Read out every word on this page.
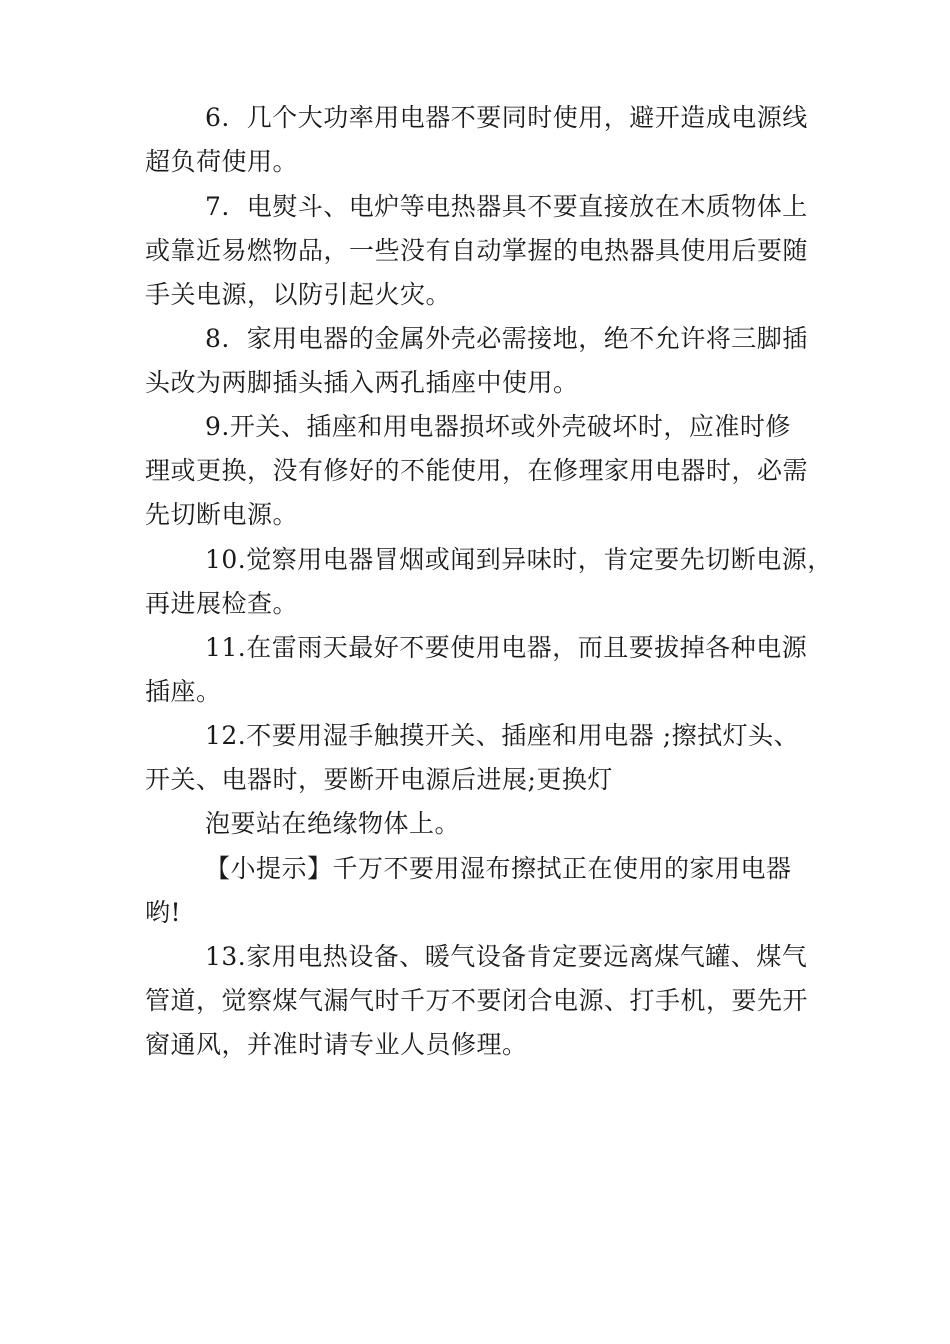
6. 几个大功率用电器不要同时使用，避开造成电源线
超负荷使用。
7. 电熨斗、电炉等电热器具不要直接放在木质物体上
或靠近易燃物品，一些没有自动掌握的电热器具使用后要随
手关电源，以防引起火灾。
8. 家用电器的金属外壳必需接地，绝不允许将三脚插
头改为两脚插头插入两孔插座中使用。
9.开关、插座和用电器损坏或外壳破坏时，应准时修
理或更换，没有修好的不能使用，在修理家用电器时，必需
先切断电源。
10.觉察用电器冒烟或闻到异味时，肯定要先切断电源，
再进展检查。
11.在雷雨天最好不要使用电器，而且要拔掉各种电源
插座。
12.不要用湿手触摸开关、插座和用电器 ;擦拭灯头、
开关、电器时，要断开电源后进展;更换灯
泡要站在绝缘物体上。
【小提示】千万不要用湿布擦拭正在使用的家用电器
哟!
13.家用电热设备、暖气设备肯定要远离煤气罐、煤气
管道，觉察煤气漏气时千万不要闭合电源、打手机，要先开
窗通风，并准时请专业人员修理。
